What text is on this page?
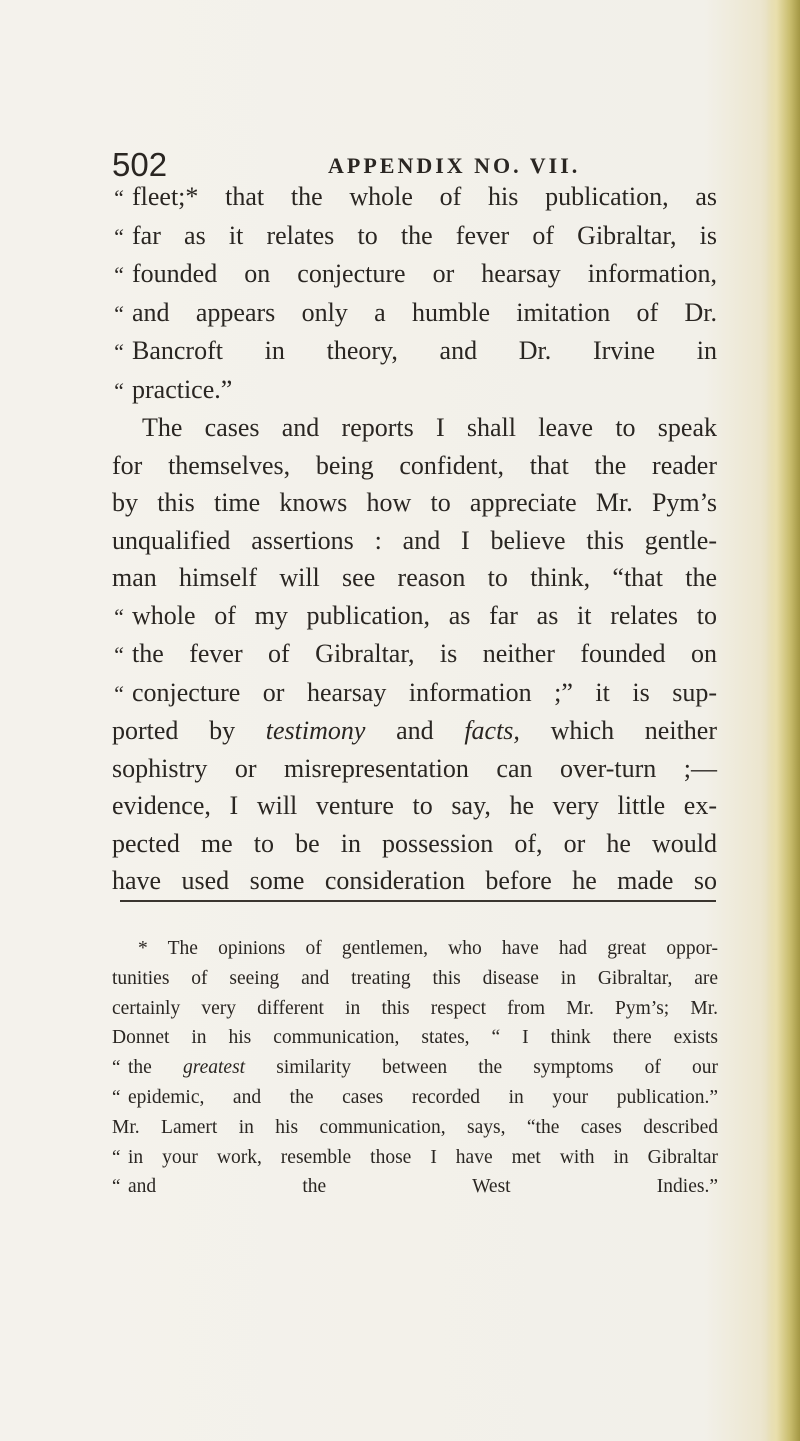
502	APPENDIX NO. VII.
“ fleet;* that the whole of his publication, as
“ far as it relates to the fever of Gibraltar, is
“ founded on conjecture or hearsay information,
“ and appears only a humble imitation of Dr.
“ Bancroft in theory, and Dr. Irvine in
“ practice.”
The cases and reports I shall leave to speak
for themselves, being confident, that the reader
by this time knows how to appreciate Mr. Pym’s
unqualified assertions : and I believe this gentle-
man himself will see reason to think, “that the
“ whole of my publication, as far as it relates to
“ the fever of Gibraltar, is neither founded on
“ conjecture or hearsay information ;” it is sup-
ported by testimony and facts, which neither
sophistry or misrepresentation can over-turn ;—
evidence, I will venture to say, he very little ex-
pected me to be in possession of, or he would
have used some consideration before he made so
* The opinions of gentlemen, who have had great oppor-
tunities of seeing and treating this disease in Gibraltar, are
certainly very different in this respect from Mr. Pym’s; Mr.
Donnet in his communication, states, “ I think there exists
“ the greatest similarity between the symptoms of our
“ epidemic, and the cases recorded in your publication.”
Mr. Lamert in his communication, says, “the cases described
“ in your work, resemble those I have met with in Gibraltar
“ and the West Indies.”
